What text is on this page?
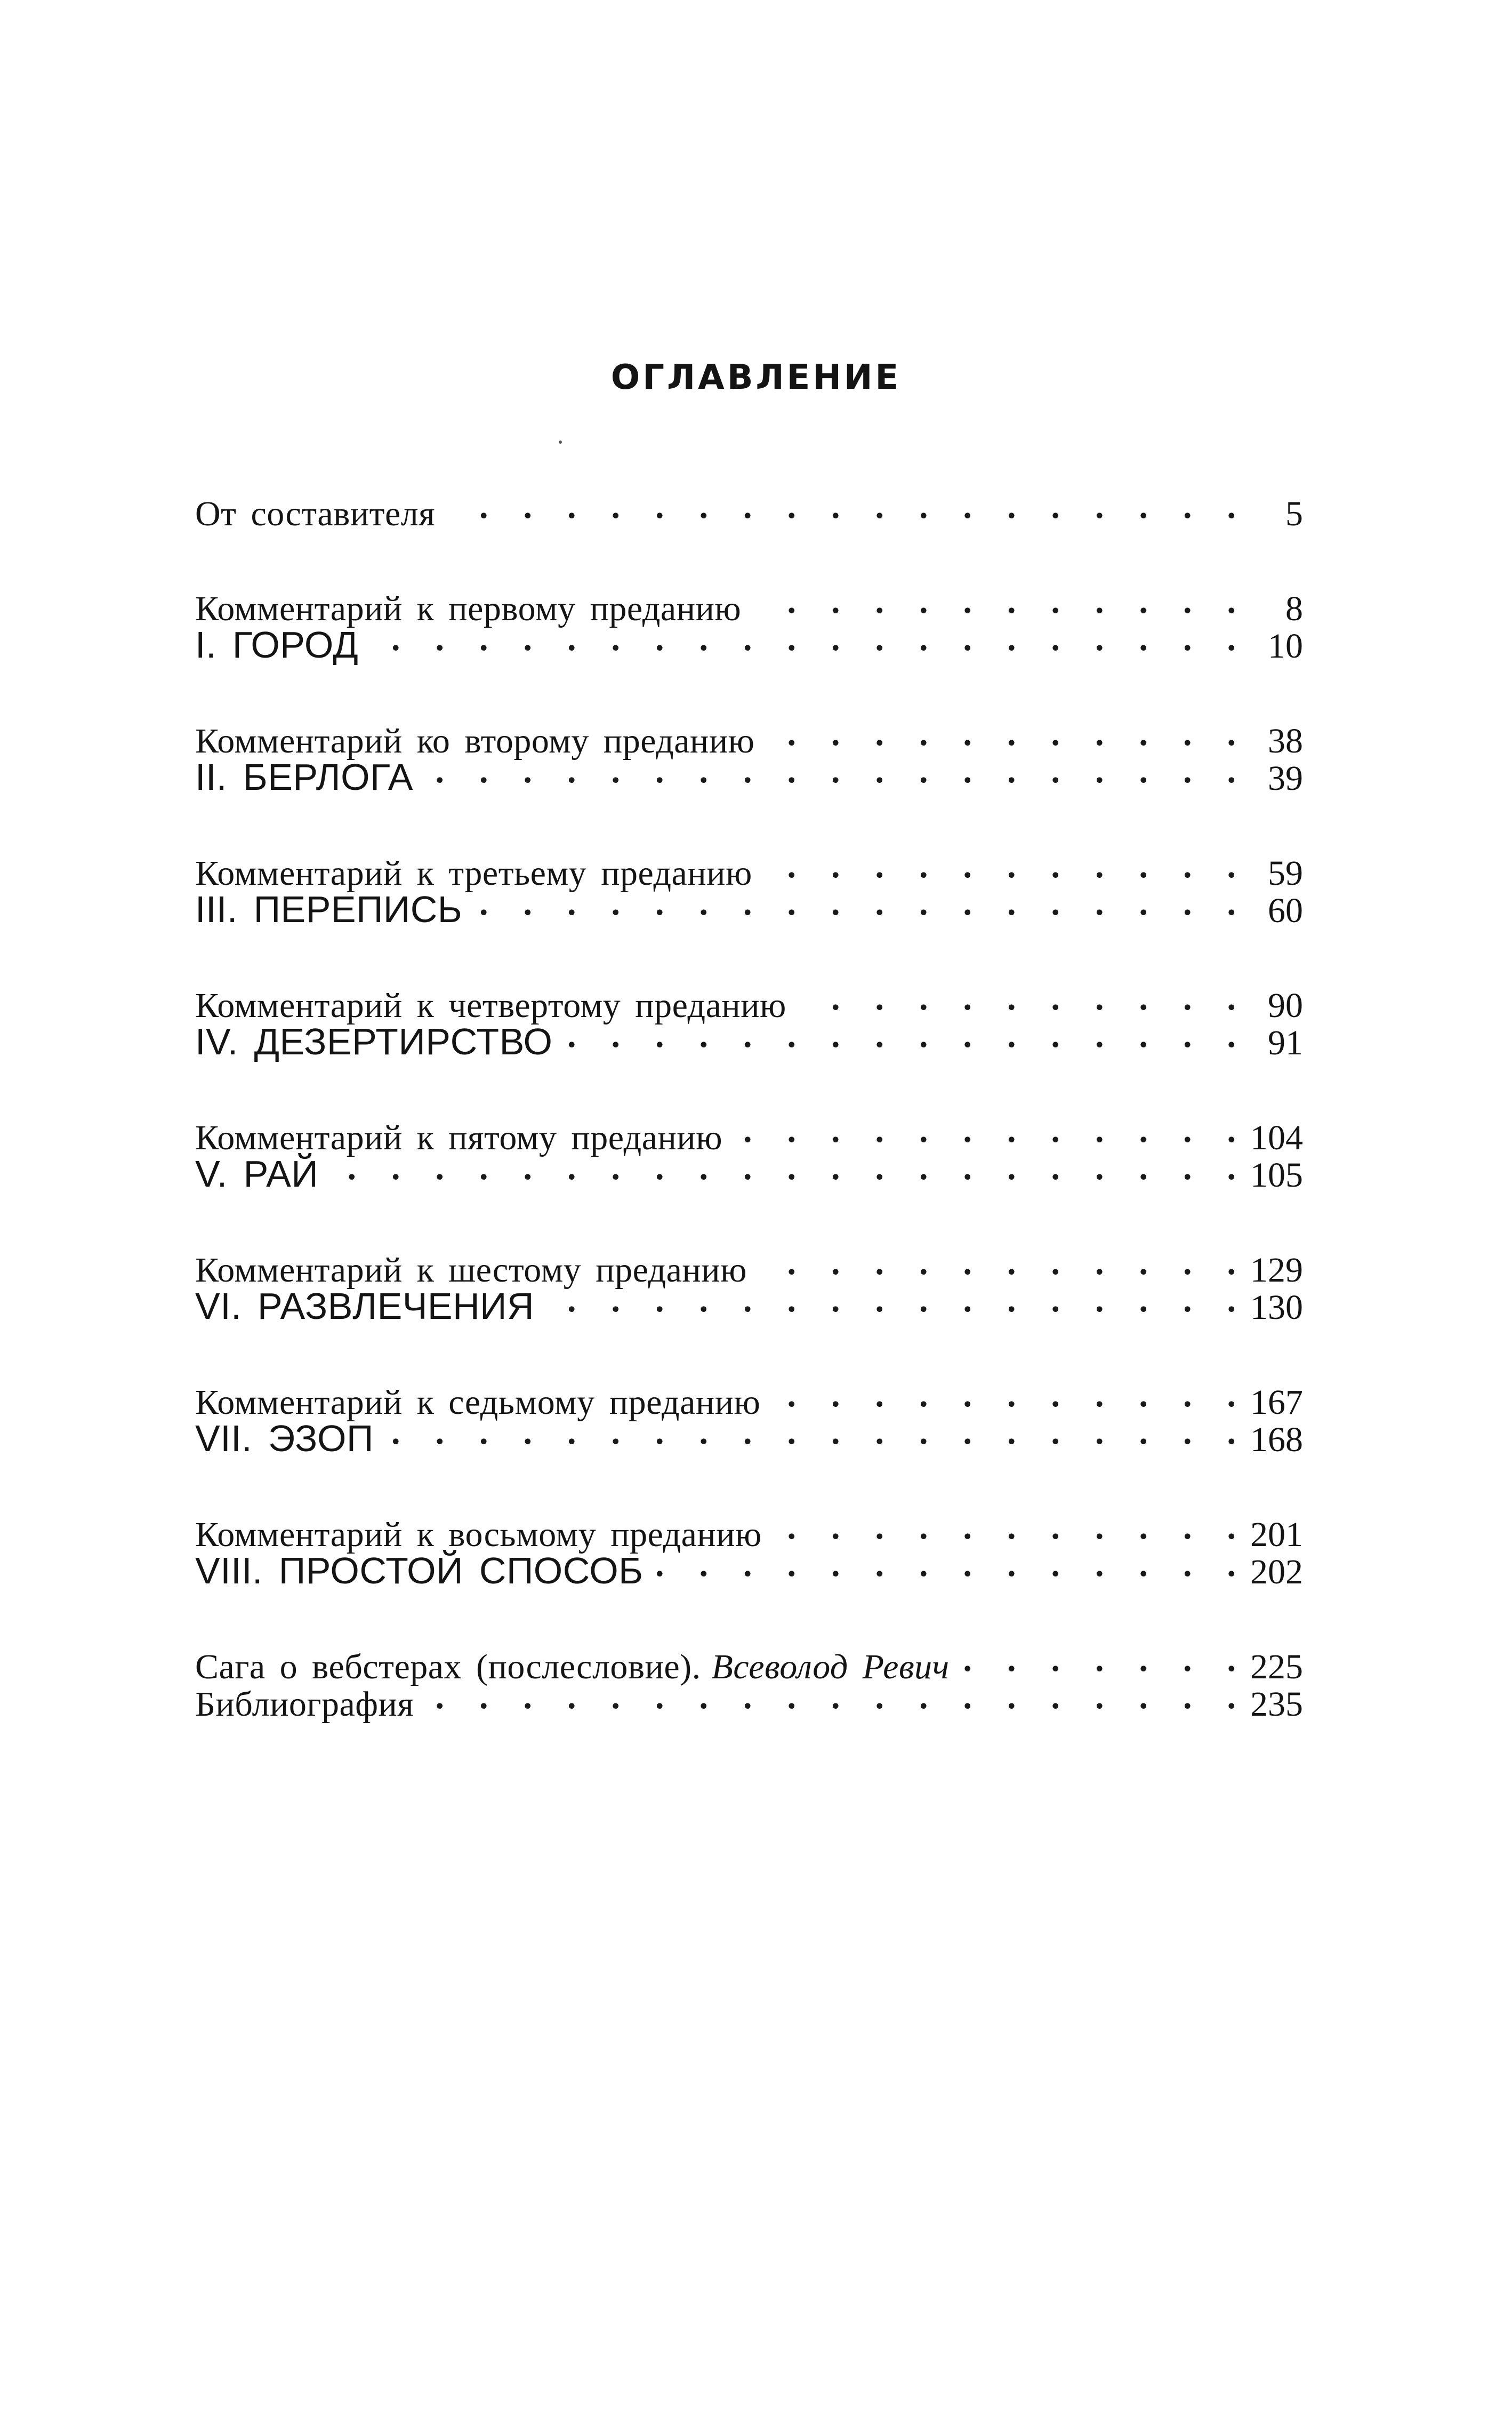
ОГЛАВЛЕНИЕ
От составителя .	5
Комментарий к первому преданию .	8
I. ГОРОД .	10
Комментарий ко второму преданию .	38
II. БЕРЛОГА .	39
Комментарий к третьему преданию .	59
III. ПЕРЕПИСЬ .	60
Комментарий к четвертому преданию .	90
IV. ДЕЗЕРТИРСТВО .	91
Комментарий к пятому преданию .	104
V. РАЙ .	105
Комментарий к шестому преданию .	129
VI. РАЗВЛЕЧЕНИЯ .	130
Комментарий к седьмому преданию .	167
VII. ЭЗОП .	168
Комментарий к восьмому преданию .	201
VIII. ПРОСТОЙ СПОСОБ .	202
Сага о вебстерах (послесловие). Всеволод Ревич .	225
Библиография .	235
